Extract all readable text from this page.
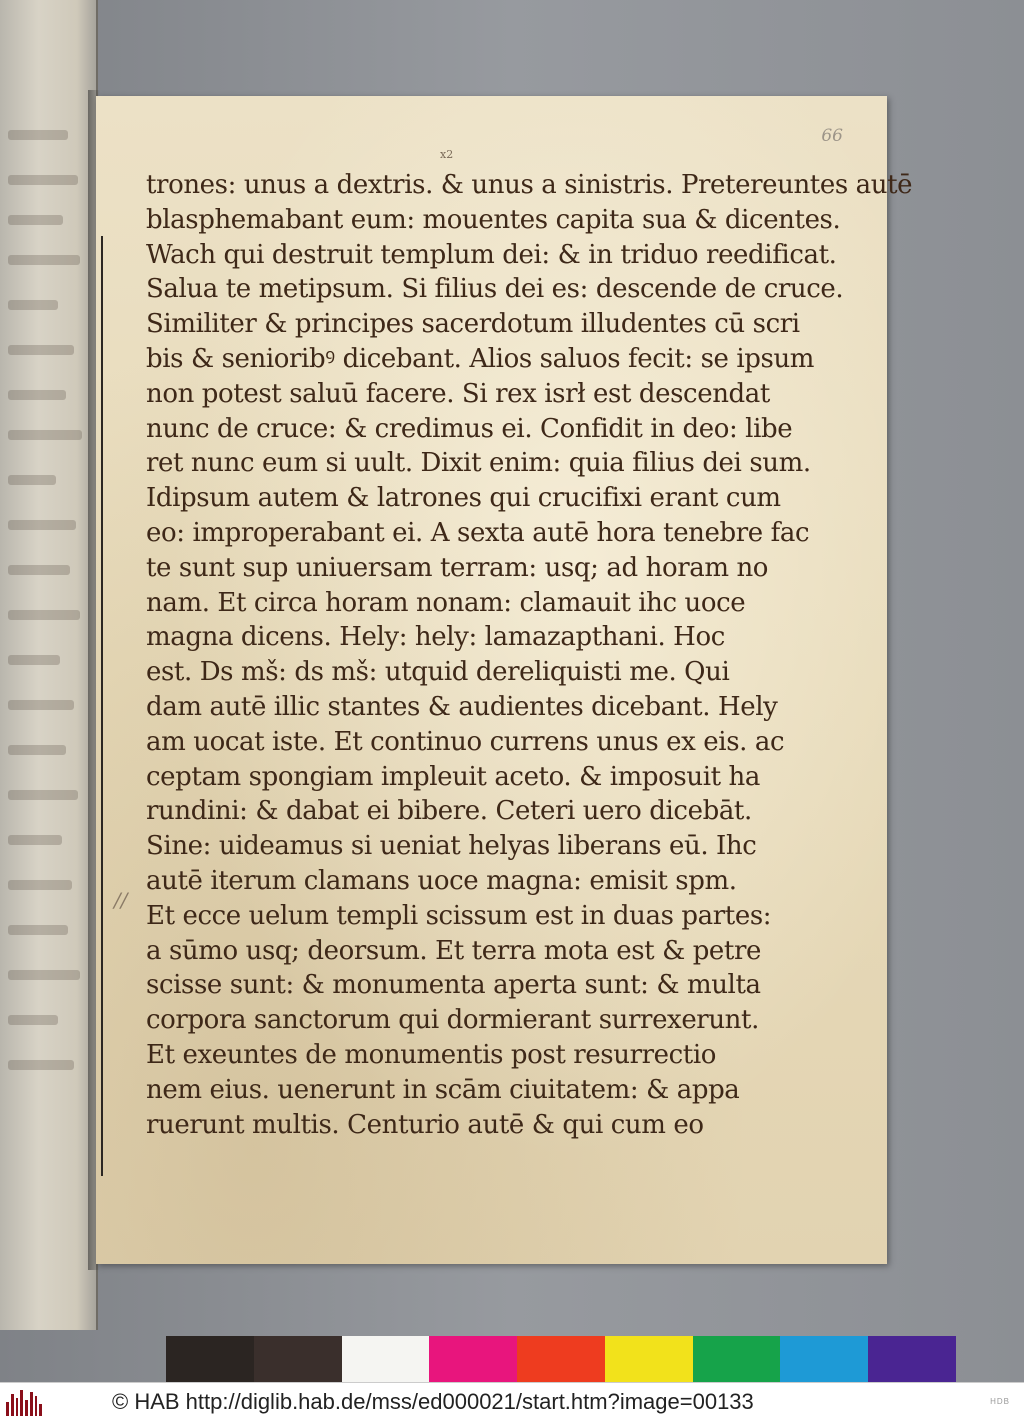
66
x2
//
trones: unus a dextris. & unus a sinistris. Pretereuntes autē
blasphemabant eum: mouentes capita sua & dicentes.
Wach qui destruit templum dei: & in triduo reedificat.
Salua te metipsum. Si filius dei es: descende de cruce.
Similiter & principes sacerdotum illudentes cū scri
bis & senioribꝰ dicebant. Alios saluos fecit: se ipsum
non potest saluū facere. Si rex isrł est descendat
nunc de cruce: & credimus ei. Confidit in deo: libe
ret nunc eum si uult. Dixit enim: quia filius dei sum.
Idipsum autem & latrones qui crucifixi erant cum
eo: improperabant ei. A sexta autē hora tenebre fac
te sunt sup uniuersam terram: usq; ad horam no
nam. Et circa horam nonam: clamauit ihc uoce
magna dicens. Hely: hely: lamazapthani. Hoc
est. Ds mš: ds mš: utquid dereliquisti me. Qui
dam autē illic stantes & audientes dicebant. Hely
am uocat iste. Et continuo currens unus ex eis. ac
ceptam spongiam impleuit aceto. & imposuit ha
rundini: & dabat ei bibere. Ceteri uero dicebāt.
Sine: uideamus si ueniat helyas liberans eū. Ihc
autē iterum clamans uoce magna: emisit spm.
Et ecce uelum templi scissum est in duas partes:
a sūmo usq; deorsum. Et terra mota est & petre
scisse sunt: & monumenta aperta sunt: & multa
corpora sanctorum qui dormierant surrexerunt.
Et exeuntes de monumentis post resurrectio
nem eius. uenerunt in scām ciuitatem: & appa
ruerunt multis. Centurio autē & qui cum eo
© HAB http://diglib.hab.de/mss/ed000021/start.htm?image=00133	HDB
